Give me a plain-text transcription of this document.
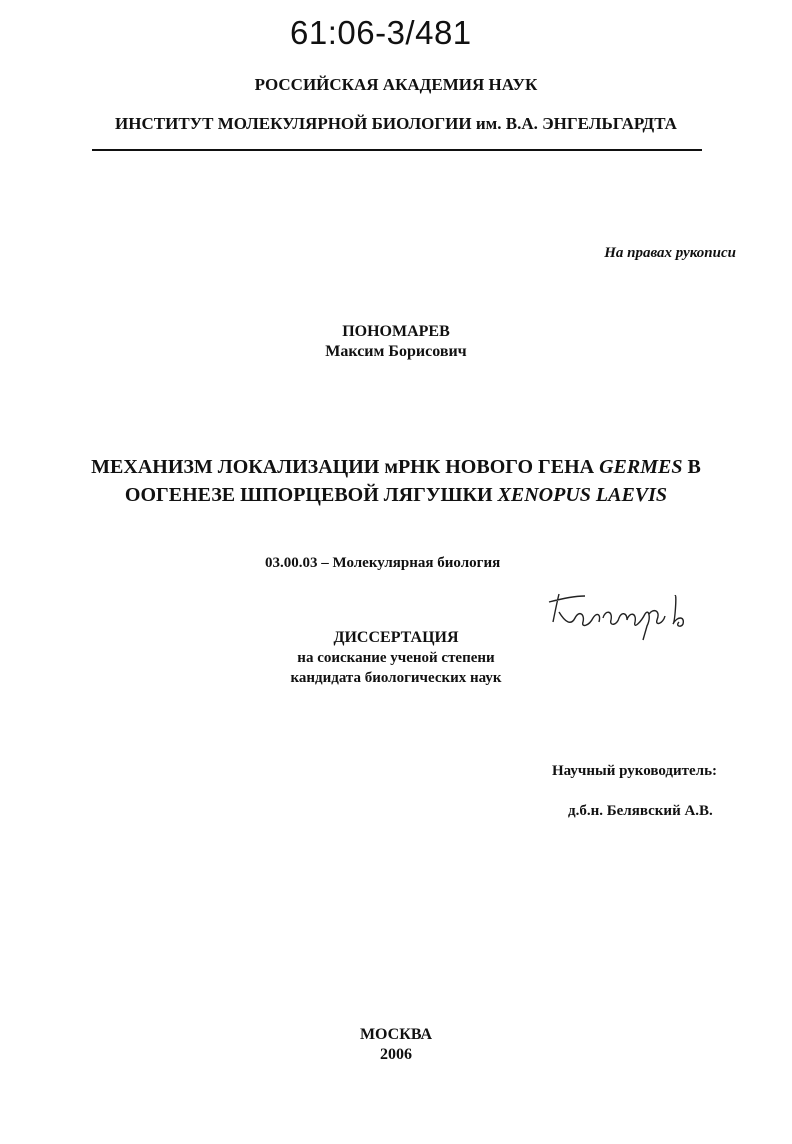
61:06-3/481
РОССИЙСКАЯ АКАДЕМИЯ НАУК
ИНСТИТУТ МОЛЕКУЛЯРНОЙ БИОЛОГИИ им. В.А. ЭНГЕЛЬГАРДТА
На правах рукописи
ПОНОМАРЕВ
Максим Борисович
МЕХАНИЗМ ЛОКАЛИЗАЦИИ мРНК НОВОГО ГЕНА GERMES В
ООГЕНЕЗЕ ШПОРЦЕВОЙ ЛЯГУШКИ XENOPUS LAEVIS
03.00.03 – Молекулярная биология
ДИССЕРТАЦИЯ
на соискание ученой степени
кандидата биологических наук
Научный руководитель:
д.б.н. Белявский А.В.
МОСКВА
2006
